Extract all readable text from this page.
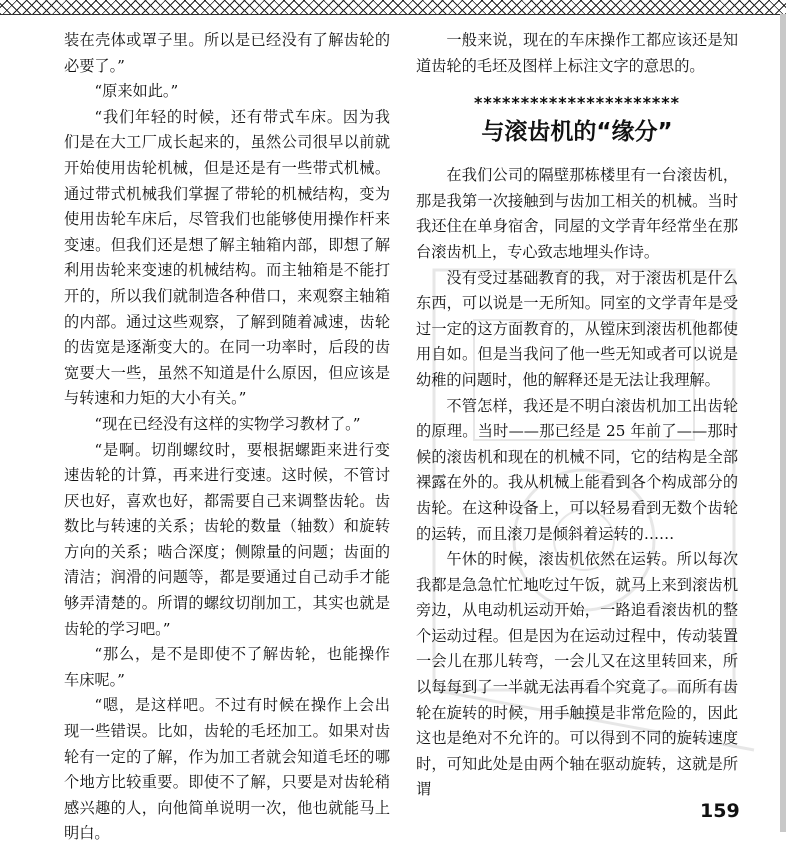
装在壳体或罩子里。所以是已经没有了解齿轮的必要了。”

“原来如此。”

“我们年轻的时候，还有带式车床。因为我们是在大工厂成长起来的，虽然公司很早以前就开始使用齿轮机械，但是还是有一些带式机械。通过带式机械我们掌握了带轮的机械结构，变为使用齿轮车床后，尽管我们也能够使用操作杆来变速。但我们还是想了解主轴箱内部，即想了解利用齿轮来变速的机械结构。而主轴箱是不能打开的，所以我们就制造各种借口，来观察主轴箱的内部。通过这些观察，了解到随着减速，齿轮的齿宽是逐渐变大的。在同一功率时，后段的齿宽要大一些，虽然不知道是什么原因，但应该是与转速和力矩的大小有关。”

“现在已经没有这样的实物学习教材了。”

“是啊。切削螺纹时，要根据螺距来进行变速齿轮的计算，再来进行变速。这时候，不管讨厌也好，喜欢也好，都需要自己来调整齿轮。齿数比与转速的关系；齿轮的数量（轴数）和旋转方向的关系；啮合深度；侧隙量的问题；齿面的清洁；润滑的问题等，都是要通过自己动手才能够弄清楚的。所谓的螺纹切削加工，其实也就是齿轮的学习吧。”

“那么，是不是即使不了解齿轮，也能操作车床呢。”

“嗯，是这样吧。不过有时候在操作上会出现一些错误。比如，齿轮的毛坯加工。如果对齿轮有一定的了解，作为加工者就会知道毛坯的哪个地方比较重要。即使不了解，只要是对齿轮稍感兴趣的人，向他简单说明一次，他也就能马上明白。

一般来说，现在的车床操作工都应该还是知道齿轮的毛坯及图样上标注文字的意思的。

**********************
与滚齿机的“缘分”

在我们公司的隔壁那栋楼里有一台滚齿机，那是我第一次接触到与齿加工相关的机械。当时我还住在单身宿舍，同屋的文学青年经常坐在那台滚齿机上，专心致志地埋头作诗。

没有受过基础教育的我，对于滚齿机是什么东西，可以说是一无所知。同室的文学青年是受过一定的这方面教育的，从镗床到滚齿机他都使用自如。但是当我问了他一些无知或者可以说是幼稚的问题时，他的解释还是无法让我理解。

不管怎样，我还是不明白滚齿机加工出齿轮的原理。当时——那已经是 25 年前了——那时候的滚齿机和现在的机械不同，它的结构是全部裸露在外的。我从机械上能看到各个构成部分的齿轮。在这种设备上，可以轻易看到无数个齿轮的运转，而且滚刀是倾斜着运转的……

午休的时候，滚齿机依然在运转。所以每次我都是急急忙忙地吃过午饭，就马上来到滚齿机旁边，从电动机运动开始，一路追看滚齿机的整个运动过程。但是因为在运动过程中，传动装置一会儿在那儿转弯，一会儿又在这里转回来，所以每每到了一半就无法再看个究竟了。而所有齿轮在旋转的时候，用手触摸是非常危险的，因此这也是绝对不允许的。可以得到不同的旋转速度时，可知此处是由两个轴在驱动旋转，这就是所谓

159
